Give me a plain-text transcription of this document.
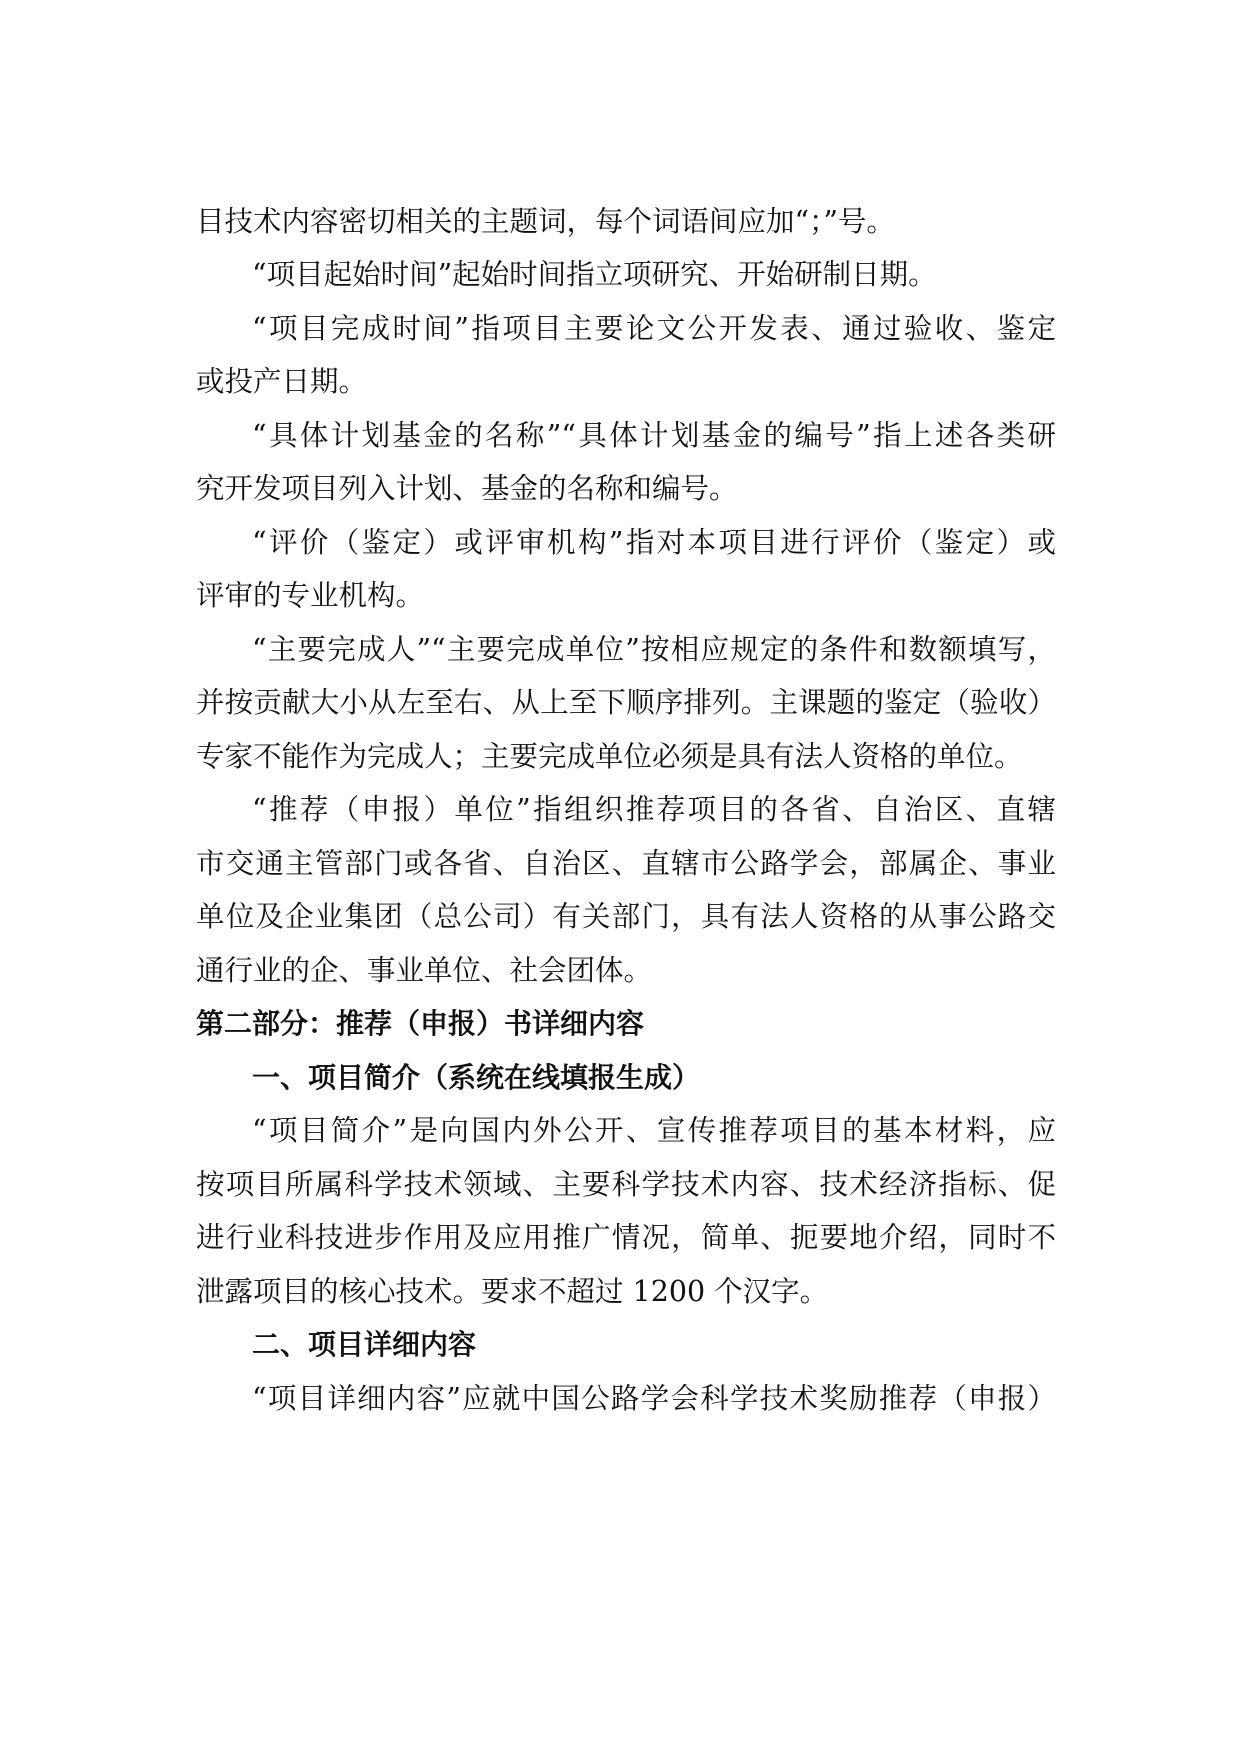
目技术内容密切相关的主题词，每个词语间应加“；”号。
“项目起始时间”起始时间指立项研究、开始研制日期。
“项目完成时间”指项目主要论文公开发表、通过验收、鉴定
或投产日期。
“具体计划基金的名称”“具体计划基金的编号”指上述各类研
究开发项目列入计划、基金的名称和编号。
“评价（鉴定）或评审机构”指对本项目进行评价（鉴定）或
评审的专业机构。
“主要完成人”“主要完成单位”按相应规定的条件和数额填写，
并按贡献大小从左至右、从上至下顺序排列。主课题的鉴定（验收）
专家不能作为完成人；主要完成单位必须是具有法人资格的单位。
“推荐（申报）单位”指组织推荐项目的各省、自治区、直辖
市交通主管部门或各省、自治区、直辖市公路学会，部属企、事业
单位及企业集团（总公司）有关部门，具有法人资格的从事公路交
通行业的企、事业单位、社会团体。
第二部分：推荐（申报）书详细内容
一、项目简介（系统在线填报生成）
“项目简介”是向国内外公开、宣传推荐项目的基本材料，应
按项目所属科学技术领域、主要科学技术内容、技术经济指标、促
进行业科技进步作用及应用推广情况，简单、扼要地介绍，同时不
泄露项目的核心技术。要求不超过 1200 个汉字。
二、项目详细内容
“项目详细内容”应就中国公路学会科学技术奖励推荐（申报）
